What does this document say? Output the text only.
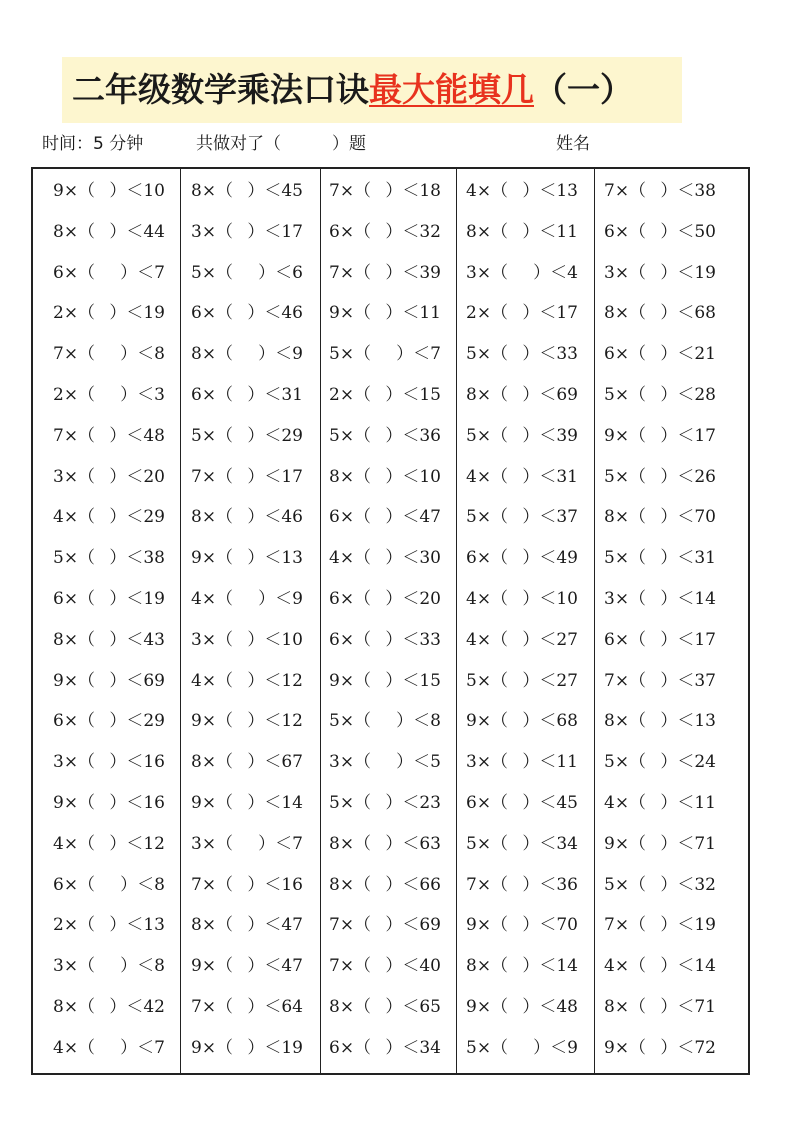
二年级数学乘法口诀最大能填几（一）
时间：5 分钟	共做对了（　　　）题	姓名
9×（ ）＜10
8×（ ）＜44
6×（ ）＜7
2×（ ）＜19
7×（ ）＜8
2×（ ）＜3
7×（ ）＜48
3×（ ）＜20
4×（ ）＜29
5×（ ）＜38
6×（ ）＜19
8×（ ）＜43
9×（ ）＜69
6×（ ）＜29
3×（ ）＜16
9×（ ）＜16
4×（ ）＜12
6×（ ）＜8
2×（ ）＜13
3×（ ）＜8
8×（ ）＜42
4×（ ）＜7
8×（ ）＜45
3×（ ）＜17
5×（ ）＜6
6×（ ）＜46
8×（ ）＜9
6×（ ）＜31
5×（ ）＜29
7×（ ）＜17
8×（ ）＜46
9×（ ）＜13
4×（ ）＜9
3×（ ）＜10
4×（ ）＜12
9×（ ）＜12
8×（ ）＜67
9×（ ）＜14
3×（ ）＜7
7×（ ）＜16
8×（ ）＜47
9×（ ）＜47
7×（ ）＜64
9×（ ）＜19
7×（ ）＜18
6×（ ）＜32
7×（ ）＜39
9×（ ）＜11
5×（ ）＜7
2×（ ）＜15
5×（ ）＜36
8×（ ）＜10
6×（ ）＜47
4×（ ）＜30
6×（ ）＜20
6×（ ）＜33
9×（ ）＜15
5×（ ）＜8
3×（ ）＜5
5×（ ）＜23
8×（ ）＜63
8×（ ）＜66
7×（ ）＜69
7×（ ）＜40
8×（ ）＜65
6×（ ）＜34
4×（ ）＜13
8×（ ）＜11
3×（ ）＜4
2×（ ）＜17
5×（ ）＜33
8×（ ）＜69
5×（ ）＜39
4×（ ）＜31
5×（ ）＜37
6×（ ）＜49
4×（ ）＜10
4×（ ）＜27
5×（ ）＜27
9×（ ）＜68
3×（ ）＜11
6×（ ）＜45
5×（ ）＜34
7×（ ）＜36
9×（ ）＜70
8×（ ）＜14
9×（ ）＜48
5×（ ）＜9
7×（ ）＜38
6×（ ）＜50
3×（ ）＜19
8×（ ）＜68
6×（ ）＜21
5×（ ）＜28
9×（ ）＜17
5×（ ）＜26
8×（ ）＜70
5×（ ）＜31
3×（ ）＜14
6×（ ）＜17
7×（ ）＜37
8×（ ）＜13
5×（ ）＜24
4×（ ）＜11
9×（ ）＜71
5×（ ）＜32
7×（ ）＜19
4×（ ）＜14
8×（ ）＜71
9×（ ）＜72
